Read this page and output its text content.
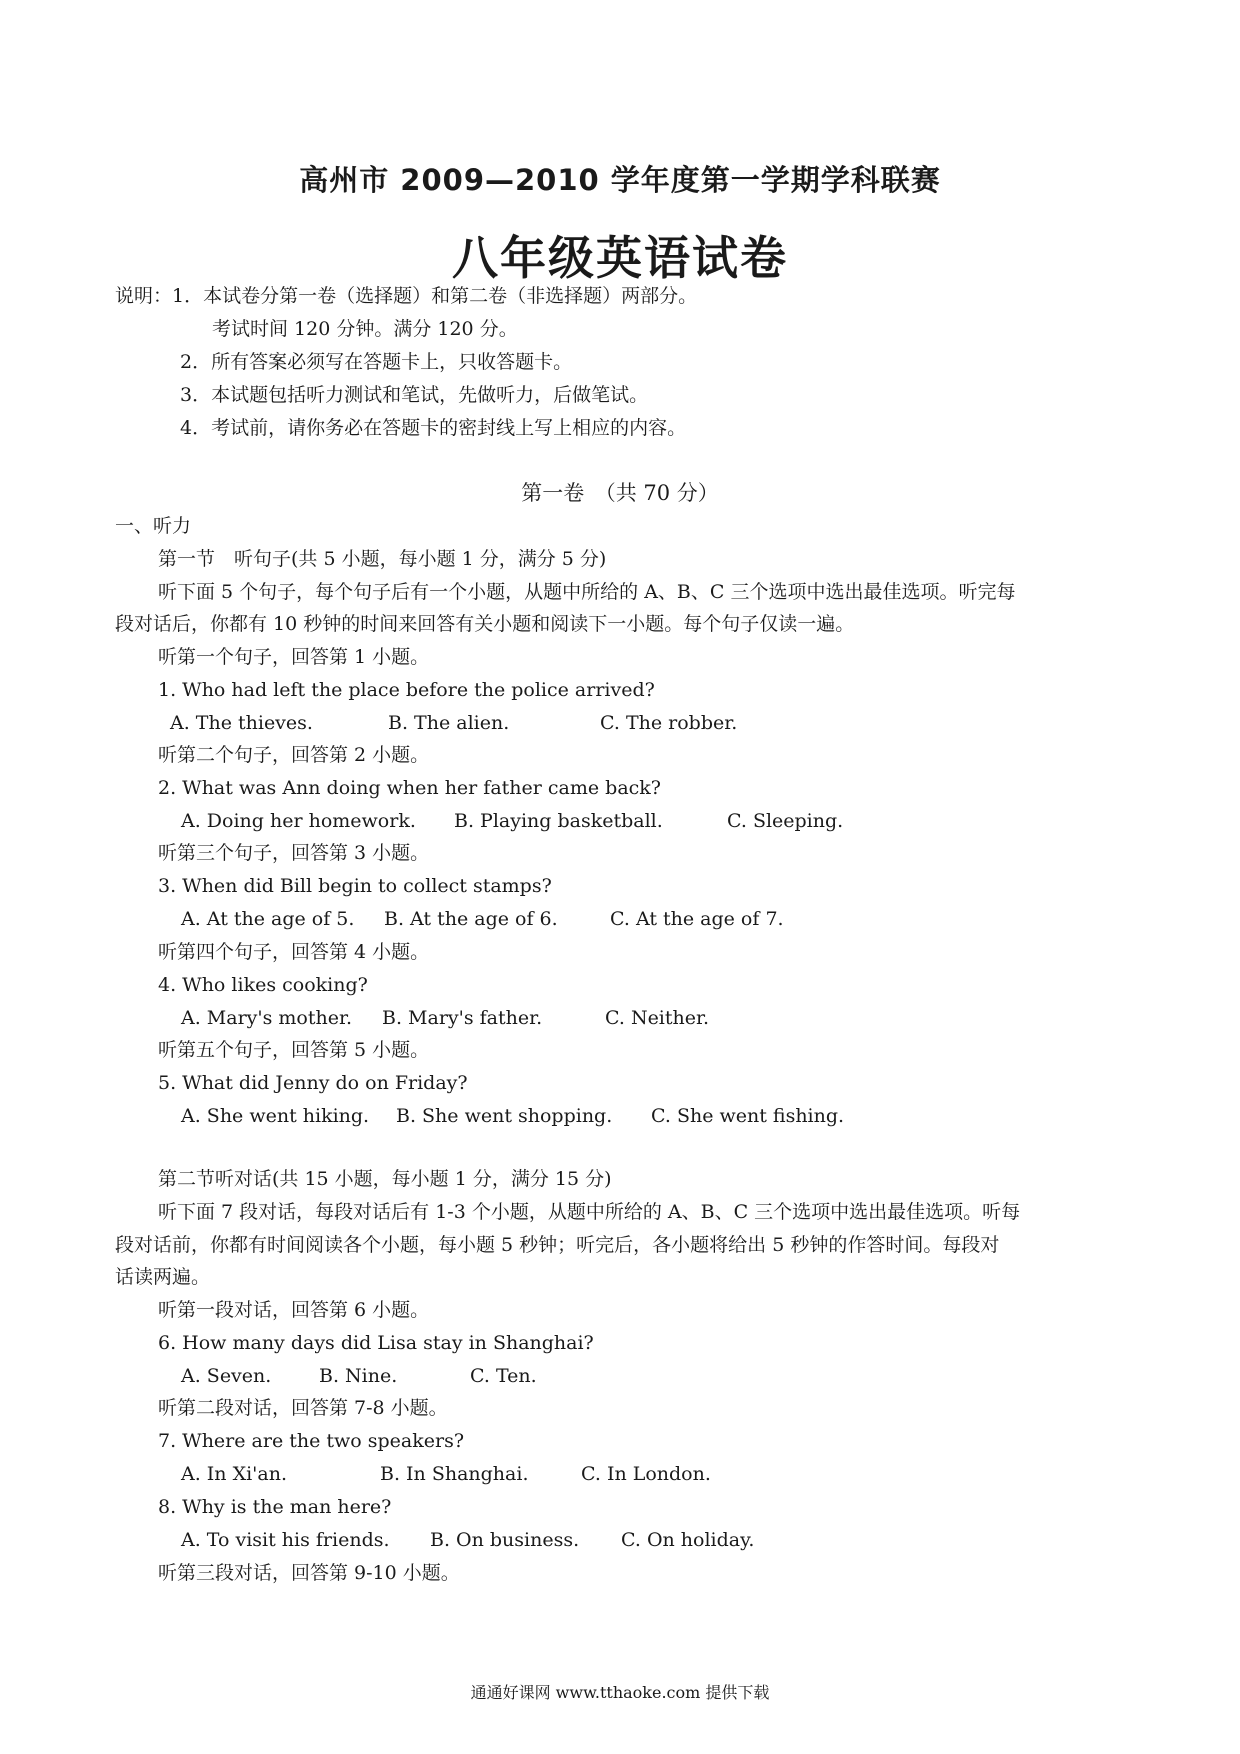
高州市 2009—2010 学年度第一学期学科联赛
八年级英语试卷
说明：1．本试卷分第一卷（选择题）和第二卷（非选择题）两部分。
考试时间 120 分钟。满分 120 分。
2．所有答案必须写在答题卡上，只收答题卡。
3．本试题包括听力测试和笔试，先做听力，后做笔试。
4．考试前，请你务必在答题卡的密封线上写上相应的内容。
第一卷　（共 70 分）
一、听力
第一节　听句子(共 5 小题，每小题 1 分，满分 5 分)
听下面 5 个句子，每个句子后有一个小题，从题中所给的 A、B、C 三个选项中选出最佳选项。听完每
段对话后，你都有 10 秒钟的时间来回答有关小题和阅读下一小题。每个句子仅读一遍。
听第一个句子，回答第 1 小题。
1. Who had left the place before the police arrived?
A. The thieves.	B. The alien.	C. The robber.
听第二个句子，回答第 2 小题。
2. What was Ann doing when her father came back?
A. Doing her homework. B. Playing basketball.	C. Sleeping.
听第三个句子，回答第 3 小题。
3. When did Bill begin to collect stamps?
A. At the age of 5. B. At the age of 6.	C. At the age of 7.
听第四个句子，回答第 4 小题。
4. Who likes cooking?
A. Mary's mother. B. Mary's father.	C. Neither.
听第五个句子，回答第 5 小题。
5. What did Jenny do on Friday?
A. She went hiking. B. She went shopping. C. She went fishing.
第二节听对话(共 15 小题，每小题 1 分，满分 15 分)
听下面 7 段对话，每段对话后有 1-3 个小题，从题中所给的 A、B、C 三个选项中选出最佳选项。听每
段对话前，你都有时间阅读各个小题，每小题 5 秒钟；听完后，各小题将给出 5 秒钟的作答时间。每段对
话读两遍。
听第一段对话，回答第 6 小题。
6. How many days did Lisa stay in Shanghai?
A. Seven.	B. Nine.	C. Ten.
听第二段对话，回答第 7-8 小题。
7. Where are the two speakers?
A. In Xi'an.	B. In Shanghai.	C. In London.
8. Why is the man here?
A. To visit his friends. B. On business. C. On holiday.
听第三段对话，回答第 9-10 小题。
通通好课网 www.tthaoke.com 提供下载
